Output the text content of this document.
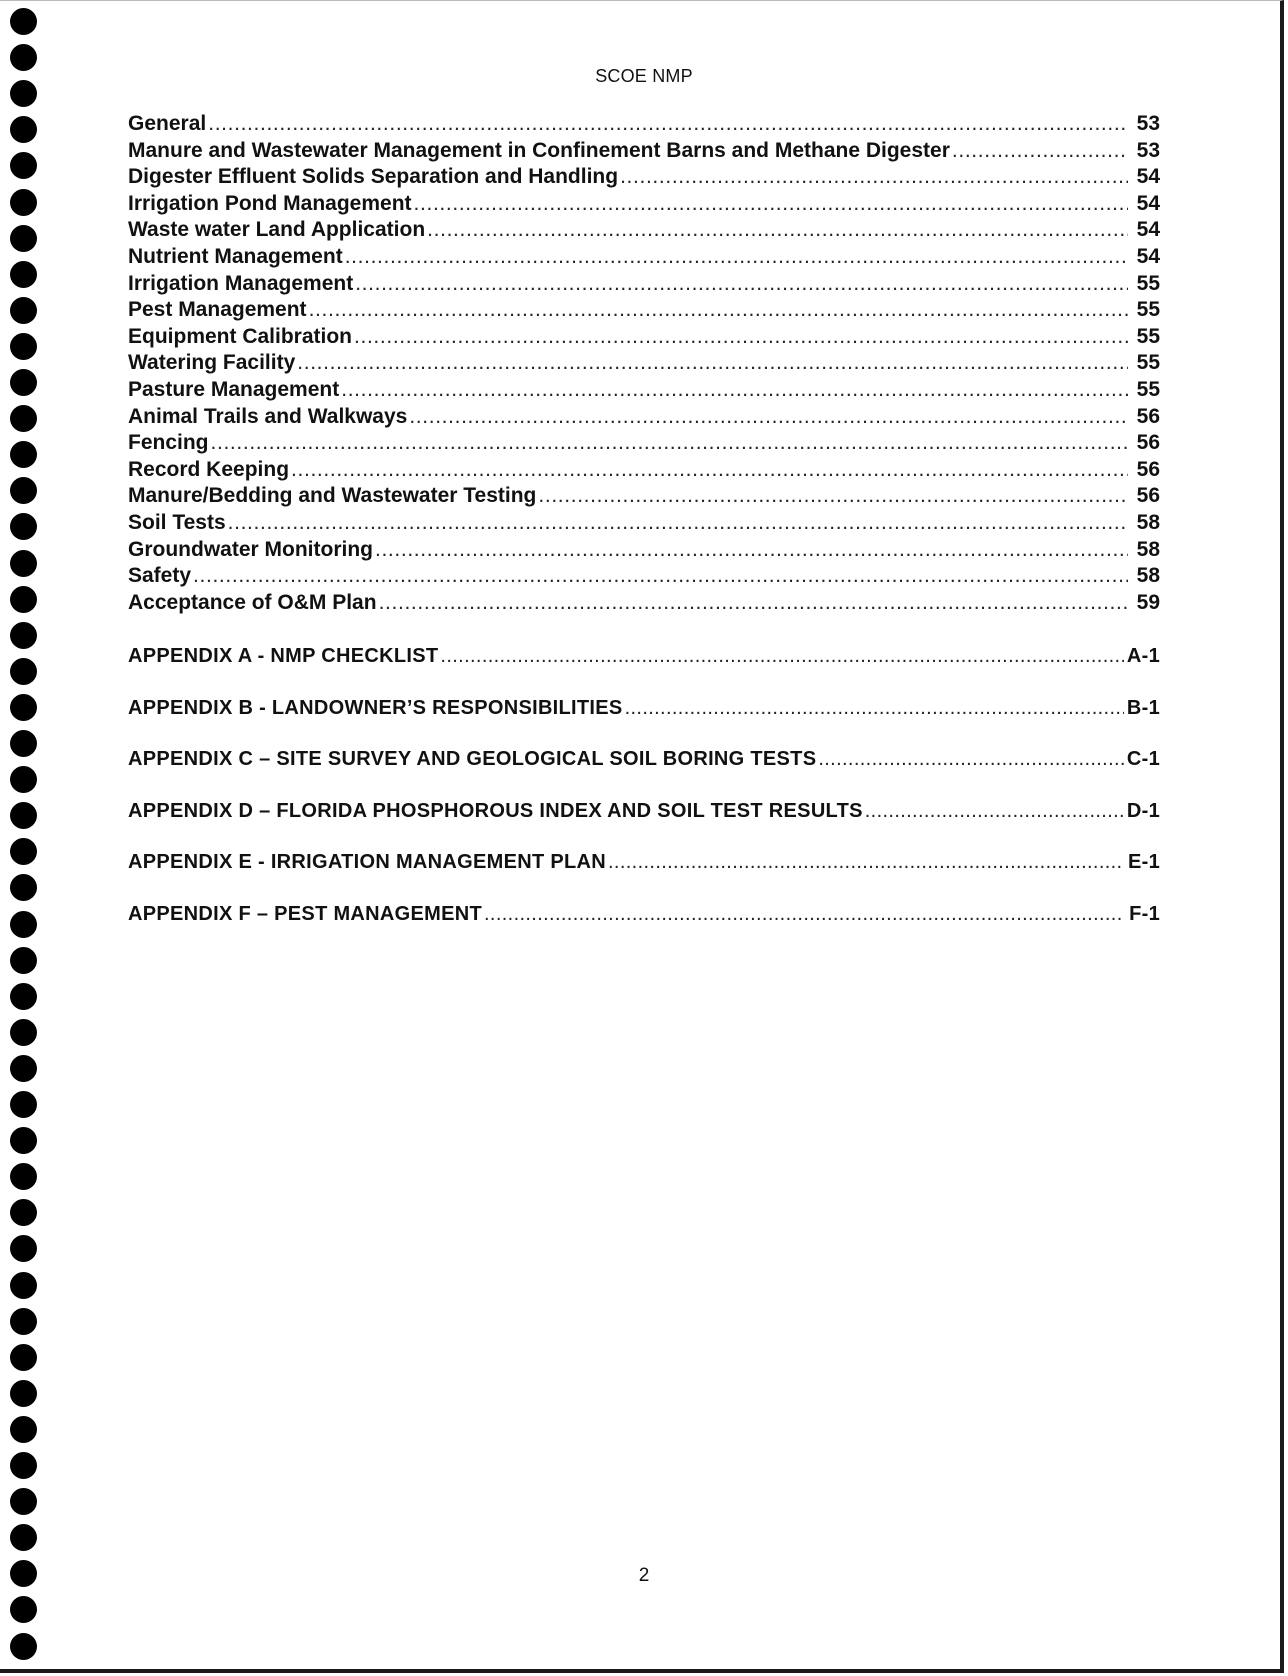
SCOE NMP
General . . .	53
Manure and Wastewater Management in Confinement Barns and Methane Digester . . .	53
Digester Effluent Solids Separation and Handling . . .	54
Irrigation Pond Management . . .	54
Waste water Land Application . . .	54
Nutrient Management . . .	54
Irrigation Management . . .	55
Pest Management . . .	55
Equipment Calibration . . .	55
Watering Facility . . .	55
Pasture Management . . .	55
Animal Trails and Walkways . . .	56
Fencing . . .	56
Record Keeping . . .	56
Manure/Bedding and Wastewater Testing . . .	56
Soil Tests . . .	58
Groundwater Monitoring . . .	58
Safety . . .	58
Acceptance of O&M Plan . . .	59
APPENDIX A - NMP CHECKLIST . . .	A-1
APPENDIX B - LANDOWNER’S RESPONSIBILITIES . . .	B-1
APPENDIX C – SITE SURVEY AND GEOLOGICAL SOIL BORING TESTS . . .	C-1
APPENDIX D – FLORIDA PHOSPHOROUS INDEX AND SOIL TEST RESULTS . . .	D-1
APPENDIX E - IRRIGATION MANAGEMENT PLAN . . .	E-1
APPENDIX F – PEST MANAGEMENT . . .	F-1
2
